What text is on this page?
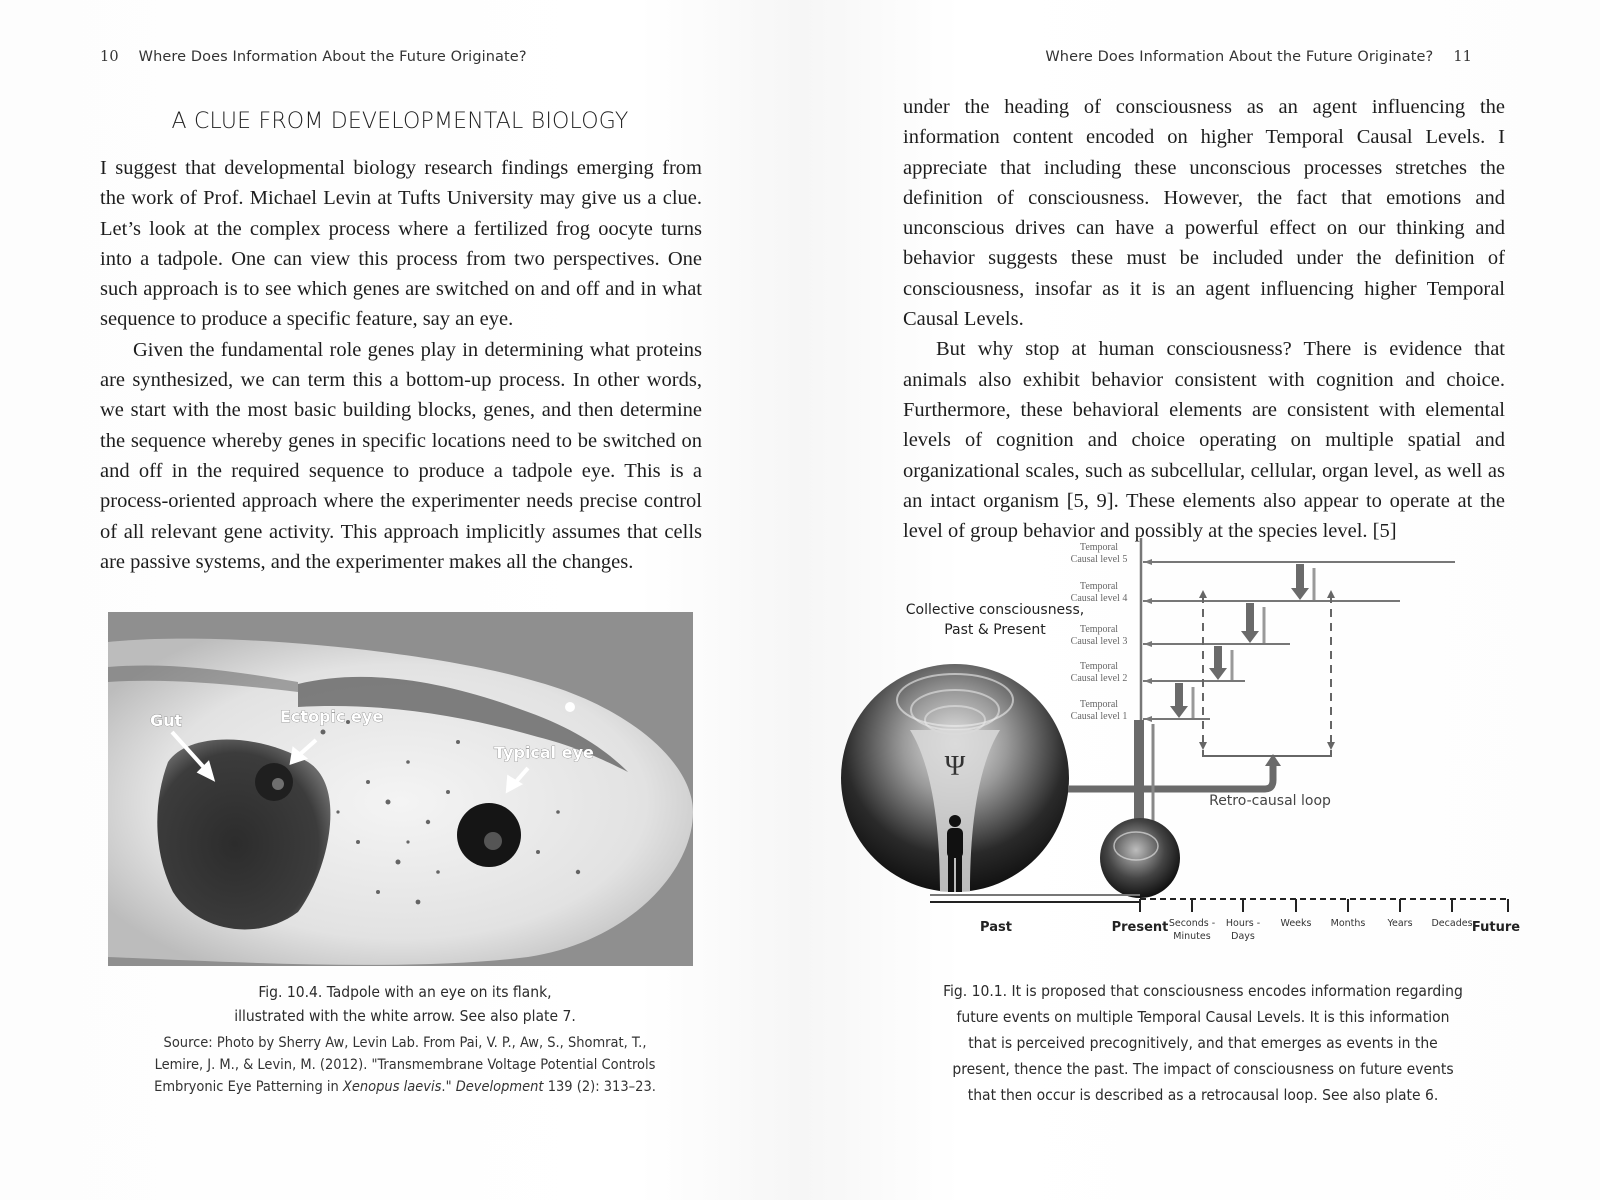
10 Where Does Information About the Future Originate?
A CLUE FROM DEVELOPMENTAL BIOLOGY

I suggest that developmental biology research findings emerging from the work of Prof. Michael Levin at Tufts University may give us a clue. Let’s look at the complex process where a fertilized frog oocyte turns into a tadpole. One can view this process from two perspectives. One such approach is to see which genes are switched on and off and in what sequence to produce a specific feature, say an eye.

Given the fundamental role genes play in determining what proteins are synthesized, we can term this a bottom-up process. In other words, we start with the most basic building blocks, genes, and then determine the sequence whereby genes in specific locations need to be switched on and off in the required sequence to produce a tadpole eye. This is a process-oriented approach where the experimenter needs precise control of all relevant gene activity. This approach implicitly assumes that cells are passive systems, and the experimenter makes all the changes.

Gut	Ectopic eye
Typical eye
Fig. 10.4. Tadpole with an eye on its flank,
illustrated with the white arrow. See also plate 7.
Source: Photo by Sherry Aw, Levin Lab. From Pai, V. P., Aw, S., Shomrat, T.,
Lemire, J. M., & Levin, M. (2012). "Transmembrane Voltage Potential Controls
Embryonic Eye Patterning in Xenopus laevis." Development 139 (2): 313–23.
Where Does Information About the Future Originate? 11

under the heading of consciousness as an agent influencing the information content encoded on higher Temporal Causal Levels. I appreciate that including these unconscious processes stretches the definition of consciousness. However, the fact that emotions and unconscious drives can have a powerful effect on our thinking and behavior suggests these must be included under the definition of consciousness, insofar as it is an agent influencing higher Temporal Causal Levels.

But why stop at human consciousness? There is evidence that animals also exhibit behavior consistent with cognition and choice. Furthermore, these behavioral elements are consistent with elemental levels of cognition and choice operating on multiple spatial and organizational scales, such as subcellular, cellular, organ level, as well as an intact organism [5, 9]. These elements also appear to operate at the level of group behavior and possibly at the species level. [5]

Collective consciousness,
Past & Present
Ψ
Temporal
Causal level 5
Temporal
Causal level 4
Temporal
Causal level 3
Temporal
Causal level 2
Temporal
Causal level 1
Retro-causal loop
Seconds -
Minutes
Hours -
Days
Weeks Months Years Decades
Past	Present	Future
Fig. 10.1. It is proposed that consciousness encodes information regarding
future events on multiple Temporal Causal Levels. It is this information
that is perceived precognitively, and that emerges as events in the
present, thence the past. The impact of consciousness on future events
that then occur is described as a retrocausal loop. See also plate 6.
